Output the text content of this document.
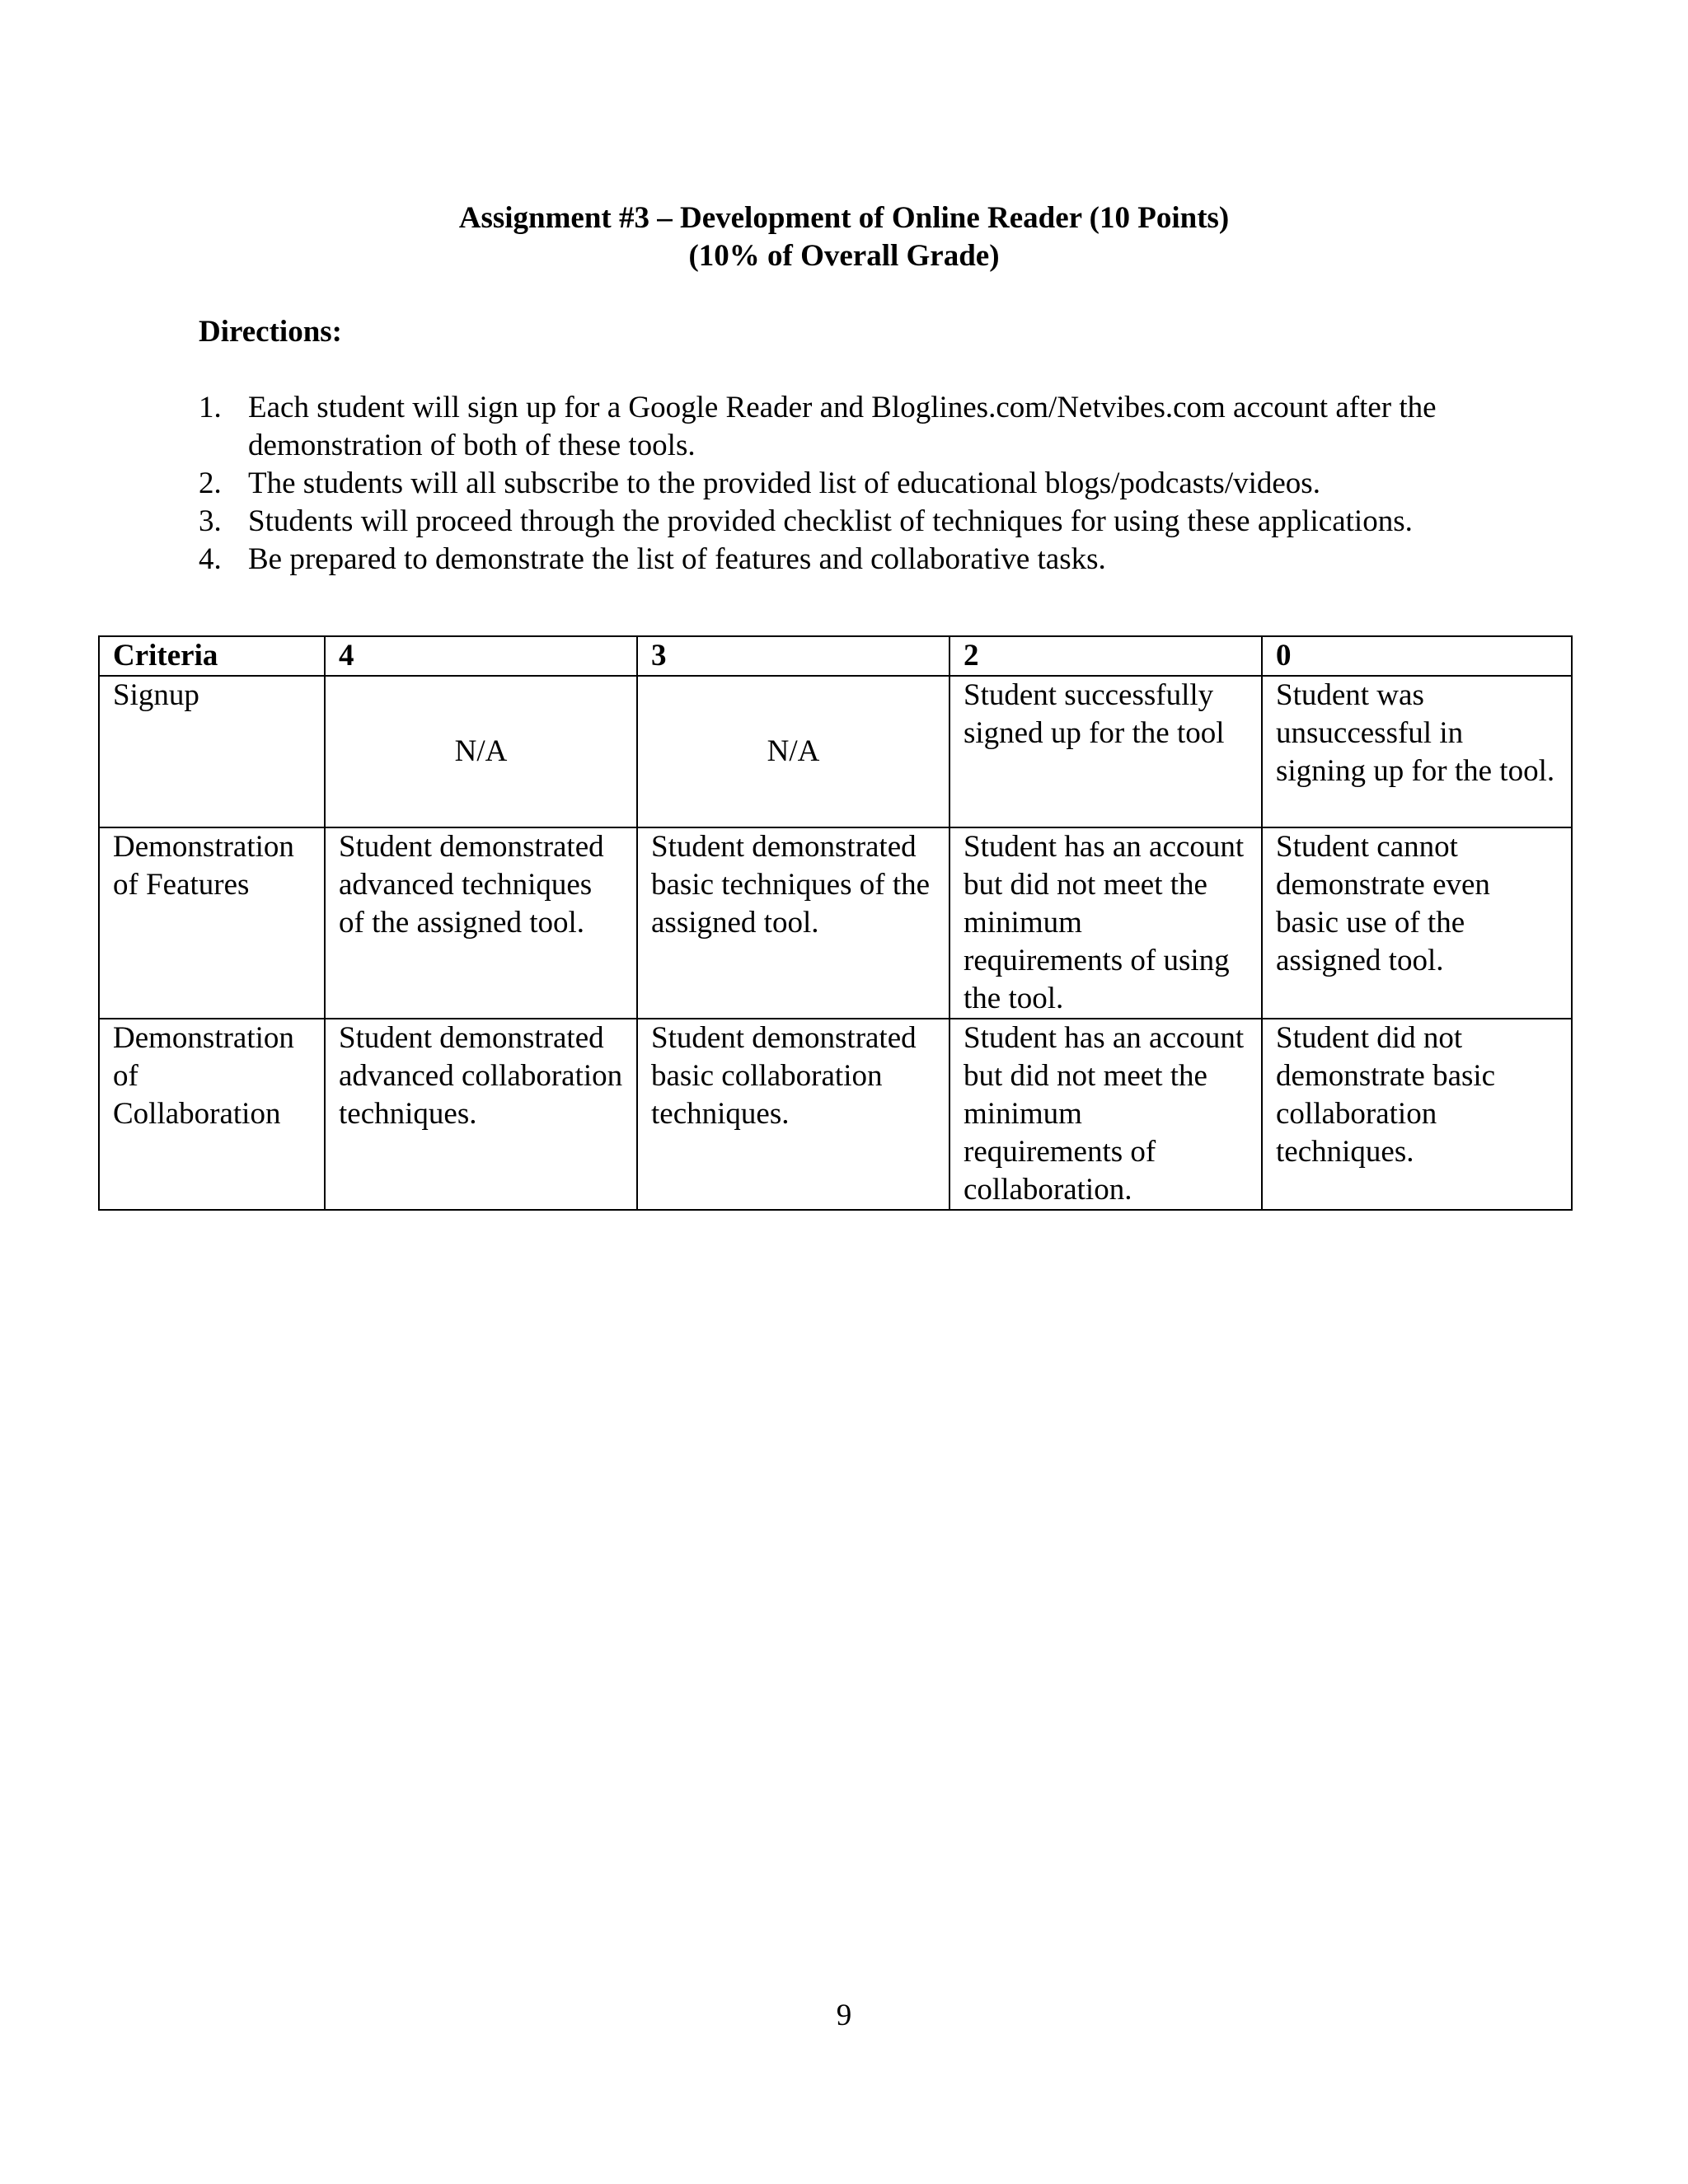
Assignment #3 – Development of Online Reader (10 Points)
(10% of Overall Grade)
Directions:
1. Each student will sign up for a Google Reader and Bloglines.com/Netvibes.com account after the demonstration of both of these tools.
2. The students will all subscribe to the provided list of educational blogs/podcasts/videos.
3. Students will proceed through the provided checklist of techniques for using these applications.
4. Be prepared to demonstrate the list of features and collaborative tasks.
Criteria	4	3	2	0
Signup	N/A	N/A	Student successfully signed up for the tool	Student was unsuccessful in signing up for the tool.
Demonstration of Features	Student demonstrated advanced techniques of the assigned tool.	Student demonstrated basic techniques of the assigned tool.	Student has an account but did not meet the minimum requirements of using the tool.	Student cannot demonstrate even basic use of the assigned tool.
Demonstration of Collaboration	Student demonstrated advanced collaboration techniques.	Student demonstrated basic collaboration techniques.	Student has an account but did not meet the minimum requirements of collaboration.	Student did not demonstrate basic collaboration techniques.
9
